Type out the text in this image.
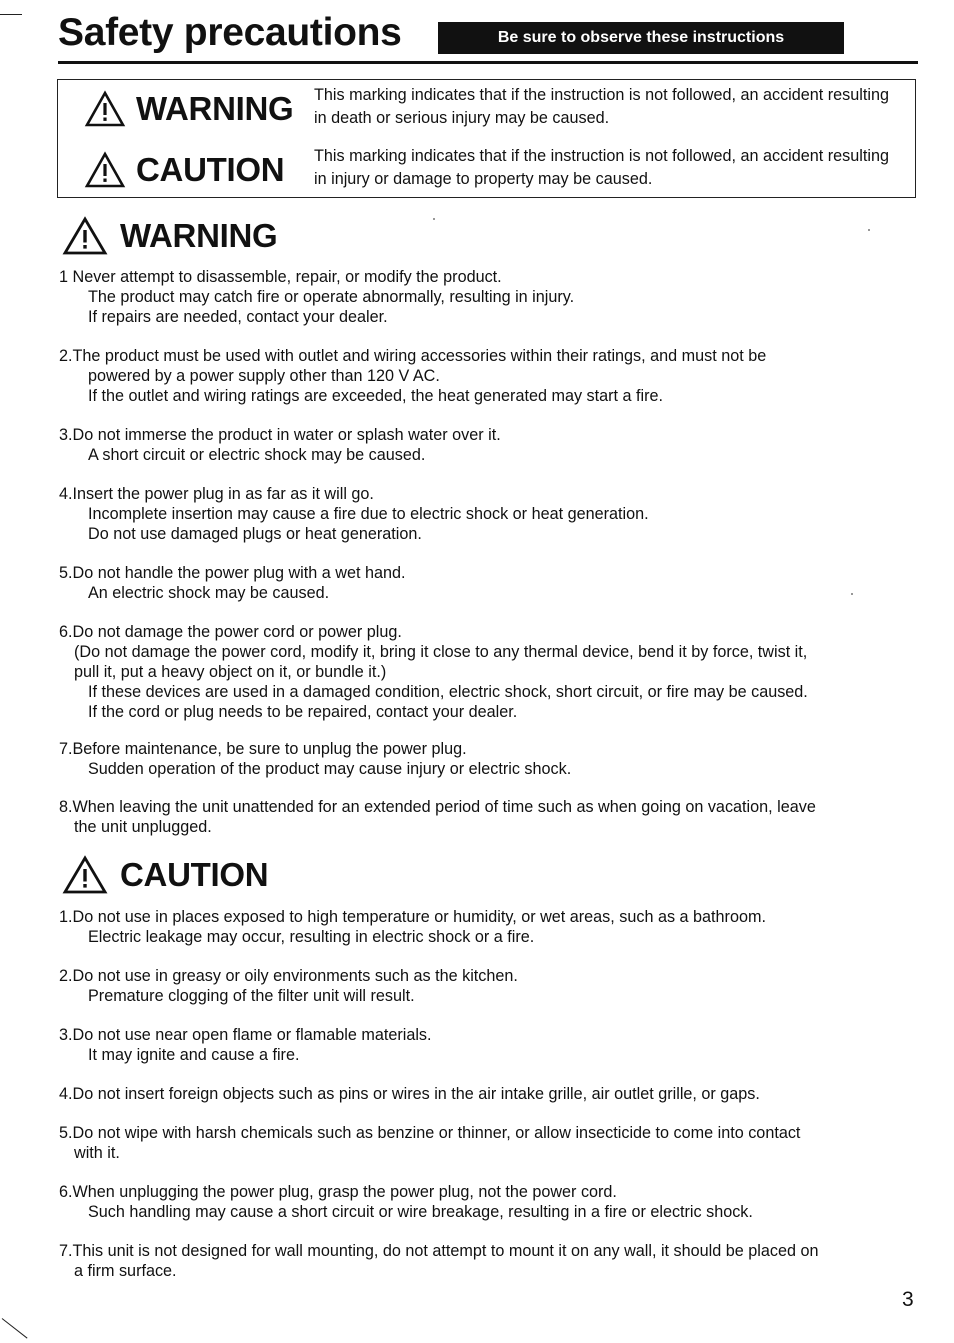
Safety precautions	Be sure to observe these instructions
WARNING This marking indicates that if the instruction is not followed, an accident resulting in death or serious injury may be caused.
CAUTION This marking indicates that if the instruction is not followed, an accident resulting in injury or damage to property may be caused.
WARNING
1 Never attempt to disassemble, repair, or modify the product.
The product may catch fire or operate abnormally, resulting in injury.
If repairs are needed, contact your dealer.
2.The product must be used with outlet and wiring accessories within their ratings, and must not be
powered by a power supply other than 120 V AC.
If the outlet and wiring ratings are exceeded, the heat generated may start a fire.
3.Do not immerse the product in water or splash water over it.
A short circuit or electric shock may be caused.
4.Insert the power plug in as far as it will go.
Incomplete insertion may cause a fire due to electric shock or heat generation.
Do not use damaged plugs or heat generation.
5.Do not handle the power plug with a wet hand.
An electric shock may be caused.
6.Do not damage the power cord or power plug.
(Do not damage the power cord, modify it, bring it close to any thermal device, bend it by force, twist it,
pull it, put a heavy object on it, or bundle it.)
If these devices are used in a damaged condition, electric shock, short circuit, or fire may be caused.
If the cord or plug needs to be repaired, contact your dealer.
7.Before maintenance, be sure to unplug the power plug.
Sudden operation of the product may cause injury or electric shock.
8.When leaving the unit unattended for an extended period of time such as when going on vacation, leave
the unit unplugged.
CAUTION
1.Do not use in places exposed to high temperature or humidity, or wet areas, such as a bathroom.
Electric leakage may occur, resulting in electric shock or a fire.
2.Do not use in greasy or oily environments such as the kitchen.
Premature clogging of the filter unit will result.
3.Do not use near open flame or flamable materials.
It may ignite and cause a fire.
4.Do not insert foreign objects such as pins or wires in the air intake grille, air outlet grille, or gaps.
5.Do not wipe with harsh chemicals such as benzine or thinner, or allow insecticide to come into contact
with it.
6.When unplugging the power plug, grasp the power plug, not the power cord.
Such handling may cause a short circuit or wire breakage, resulting in a fire or electric shock.
7.This unit is not designed for wall mounting, do not attempt to mount it on any wall, it should be placed on
a firm surface.
3
